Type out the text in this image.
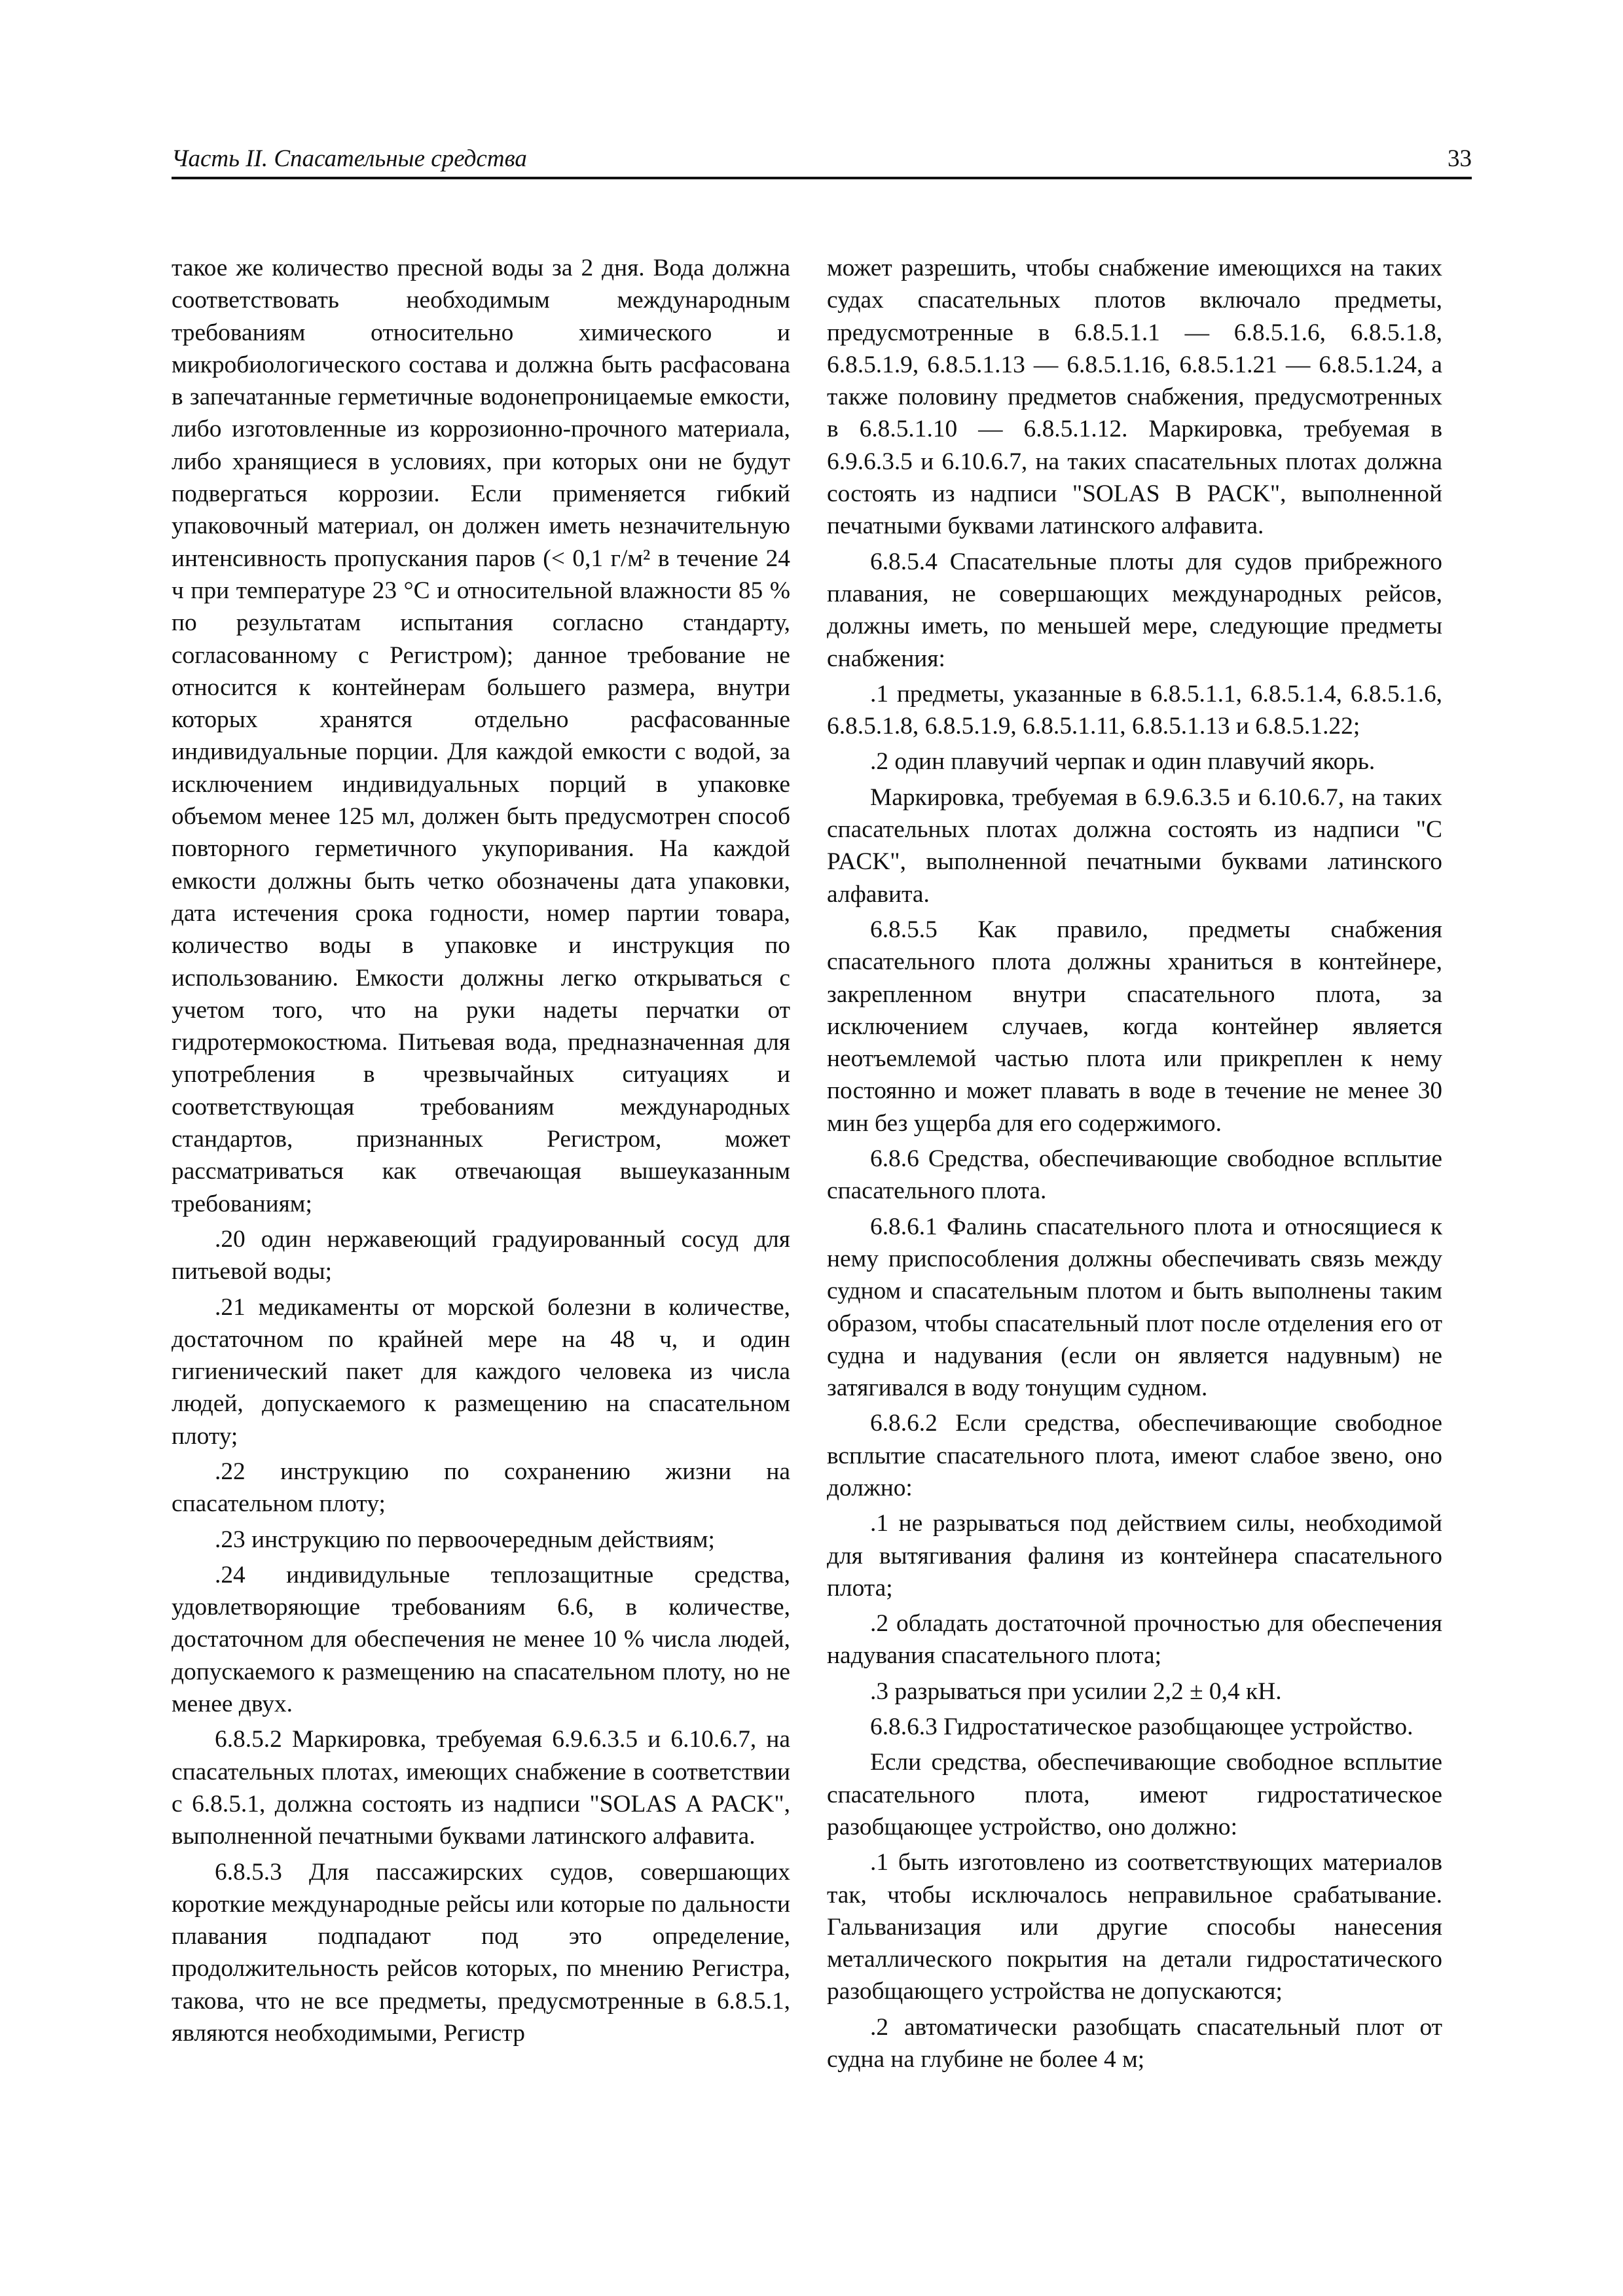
Часть II. Спасательные средства	33

такое же количество пресной воды за 2 дня. Вода должна соответствовать необходимым международным требованиям относительно химического и микробиологического состава и должна быть расфасована в запечатанные герметичные водонепроницаемые емкости, либо изготовленные из коррозионно-прочного материала, либо хранящиеся в условиях, при которых они не будут подвергаться коррозии. Если применяется гибкий упаковочный материал, он должен иметь незначительную интенсивность пропускания паров (< 0,1 г/м² в течение 24 ч при температуре 23 °С и относительной влажности 85 % по результатам испытания согласно стандарту, согласованному с Регистром); данное требование не относится к контейнерам большего размера, внутри которых хранятся отдельно расфасованные индивидуальные порции. Для каждой емкости с водой, за исключением индивидуальных порций в упаковке объемом менее 125 мл, должен быть предусмотрен способ повторного герметичного укупоривания. На каждой емкости должны быть четко обозначены дата упаковки, дата истечения срока годности, номер партии товара, количество воды в упаковке и инструкция по использованию. Емкости должны легко открываться с учетом того, что на руки надеты перчатки от гидротермокостюма. Питьевая вода, предназначенная для употребления в чрезвычайных ситуациях и соответствующая требованиям международных стандартов, признанных Регистром, может рассматриваться как отвечающая вышеуказанным требованиям;

.20 один нержавеющий градуированный сосуд для питьевой воды;

.21 медикаменты от морской болезни в количестве, достаточном по крайней мере на 48 ч, и один гигиенический пакет для каждого человека из числа людей, допускаемого к размещению на спасательном плоту;

.22 инструкцию по сохранению жизни на спасательном плоту;

.23 инструкцию по первоочередным действиям;

.24 индивидульные теплозащитные средства, удовлетворяющие требованиям 6.6, в количестве, достаточном для обеспечения не менее 10 % числа людей, допускаемого к размещению на спасательном плоту, но не менее двух.

6.8.5.2 Маркировка, требуемая 6.9.6.3.5 и 6.10.6.7, на спасательных плотах, имеющих снабжение в соответствии с 6.8.5.1, должна состоять из надписи "SOLAS A PACK", выполненной печатными буквами латинского алфавита.

6.8.5.3 Для пассажирских судов, совершающих короткие международные рейсы или которые по дальности плавания подпадают под это определение, продолжительность рейсов которых, по мнению Регистра, такова, что не все предметы, предусмотренные в 6.8.5.1, являются необходимыми, Регистр

может разрешить, чтобы снабжение имеющихся на таких судах спасательных плотов включало предметы, предусмотренные в 6.8.5.1.1 — 6.8.5.1.6, 6.8.5.1.8, 6.8.5.1.9, 6.8.5.1.13 — 6.8.5.1.16, 6.8.5.1.21 — 6.8.5.1.24, а также половину предметов снабжения, предусмотренных в 6.8.5.1.10 — 6.8.5.1.12. Маркировка, требуемая в 6.9.6.3.5 и 6.10.6.7, на таких спасательных плотах должна состоять из надписи "SOLAS B PACK", выполненной печатными буквами латинского алфавита.

6.8.5.4 Спасательные плоты для судов прибрежного плавания, не совершающих международных рейсов, должны иметь, по меньшей мере, следующие предметы снабжения:

.1 предметы, указанные в 6.8.5.1.1, 6.8.5.1.4, 6.8.5.1.6, 6.8.5.1.8, 6.8.5.1.9, 6.8.5.1.11, 6.8.5.1.13 и 6.8.5.1.22;

.2 один плавучий черпак и один плавучий якорь.

Маркировка, требуемая в 6.9.6.3.5 и 6.10.6.7, на таких спасательных плотах должна состоять из надписи "C PACK", выполненной печатными буквами латинского алфавита.

6.8.5.5 Как правило, предметы снабжения спасательного плота должны храниться в контейнере, закрепленном внутри спасательного плота, за исключением случаев, когда контейнер является неотъемлемой частью плота или прикреплен к нему постоянно и может плавать в воде в течение не менее 30 мин без ущерба для его содержимого.

6.8.6 Средства, обеспечивающие свободное всплытие спасательного плота.

6.8.6.1 Фалинь спасательного плота и относящиеся к нему приспособления должны обеспечивать связь между судном и спасательным плотом и быть выполнены таким образом, чтобы спасательный плот после отделения его от судна и надувания (если он является надувным) не затягивался в воду тонущим судном.

6.8.6.2 Если средства, обеспечивающие свободное всплытие спасательного плота, имеют слабое звено, оно должно:

.1 не разрываться под действием силы, необходимой для вытягивания фалиня из контейнера спасательного плота;

.2 обладать достаточной прочностью для обеспечения надувания спасательного плота;

.3 разрываться при усилии 2,2 ± 0,4 кН.

6.8.6.3 Гидростатическое разобщающее устройство.

Если средства, обеспечивающие свободное всплытие спасательного плота, имеют гидростатическое разобщающее устройство, оно должно:

.1 быть изготовлено из соответствующих материалов так, чтобы исключалось неправильное срабатывание. Гальванизация или другие способы нанесения металлического покрытия на детали гидростатического разобщающего устройства не допускаются;

.2 автоматически разобщать спасательный плот от судна на глубине не более 4 м;
